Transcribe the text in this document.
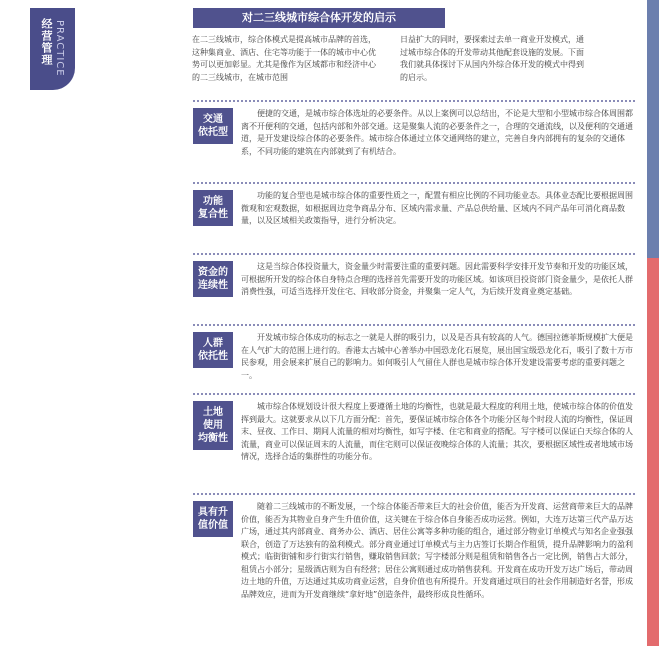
经营管理 PRACTICE
对二三线城市综合体开发的启示
在二三线城市，综合体模式是提高城市品牌的首选，这种集商业、酒店、住宅等功能于一体的城市中心优势可以更加彰显。尤其是像作为区域都市和经济中心的二三线城市，在城市范围
日益扩大的同时，要探索过去单一商业开发模式，通过城市综合体的开发带动其他配套设施的发展。下面我们就具体探讨下从国内外综合体开发的模式中得到的启示。
交通
依托型
便捷的交通，是城市综合体选址的必要条件。从以上案例可以总结出，不论是大型和小型城市综合体周围都离不开便利的交通，包括内部和外部交通。这是聚集人流的必要条件之一，合理的交通流线，以及便利的交通通道，是开发建设综合体的必要条件。城市综合体通过立体交通网络的建立，完善自身内部拥有的复杂的交通体系，不同功能的建筑在内部就到了有机结合。
功能
复合性
功能的复合型也是城市综合体的重要性质之一，配置有相应比例的不同功能业态。具体业态配比要根据周围微观和宏观数据，如根据周边竞争商品分布、区域内需求量、产品总供给量、区域内不同产品年可消化商品数量，以及区域相关政策指导，进行分析决定。
资金的
连续性
这是当综合体投资量大，资金量少时需要注重的重要问题。因此需要科学安排开发节奏和开发的功能区域，可根据所开发的综合体自身特点合理的选择首先需要开发的功能区域。如该项目投资部门资金量少，是依托人群消费性强，可适当选择开发住宅、回收部分资金，并聚集一定人气，为后续开发商业奠定基础。
人群
依托性
开发城市综合体成功的标志之一就是人群的吸引力，以及是否具有较高的人气。德国拉德菲斯规模扩大便是在人气扩大的范围上进行的。香港太古城中心普举办中国恐龙化石展览，展出国宝级恐龙化石，吸引了数十万市民参观，用会展来扩展自己的影响力。如何吸引人气留住人群也是城市综合体开发建设需要考虑的重要问题之一。
土地
使用
均衡性
城市综合体规划设计很大程度上要遵循土地的均衡性，也就是最大程度的利用土地，使城市综合体的价值发挥到最大。这就要求从以下几方面分配：首先，要保证城市综合体各个功能分区每个时段人流的均衡性，保证周末、昼夜、工作日、期间人流量的相对均衡性，如写字楼、住宅和商业的搭配。写字楼可以保证白天综合体的人流量，商业可以保证周末的人流量，而住宅则可以保证夜晚综合体的人流量；其次，要根据区域性或者地域市场情况，选择合适的集群性的功能分布。
具有升
值价值
随着二三线城市的不断发展，一个综合体能否带来巨大的社会价值，能否为开发商、运营商带来巨大的品牌价值，能否为其物业自身产生升值价值，这关键在于综合体自身能否成功运营。例如，大连万达第三代产品万达广场，通过其内部商业、商务办公、酒店、居住公寓等多种功能的组合，通过部分物业订单模式与知名企业强强联合，创造了万达独有的盈利模式。部分商业通过订单模式与主力店签订长期合作租赁，提升品牌影响力的盈利模式；临街街铺和步行街实行销售，赚取销售回款；写字楼部分则是租赁和销售各占一定比例，销售占大部分，租赁占小部分；星级酒店则为自有经营；居住公寓则通过成功销售获利。开发商在成功开发万达广场后，带动周边土地的升值，万达通过其成功商业运营，自身价值也有所提升。开发商通过项目的社会作用制造好名誉，形成品牌效应，进而为开发商继续“拿好地”创造条件，最终形成良性循环。
